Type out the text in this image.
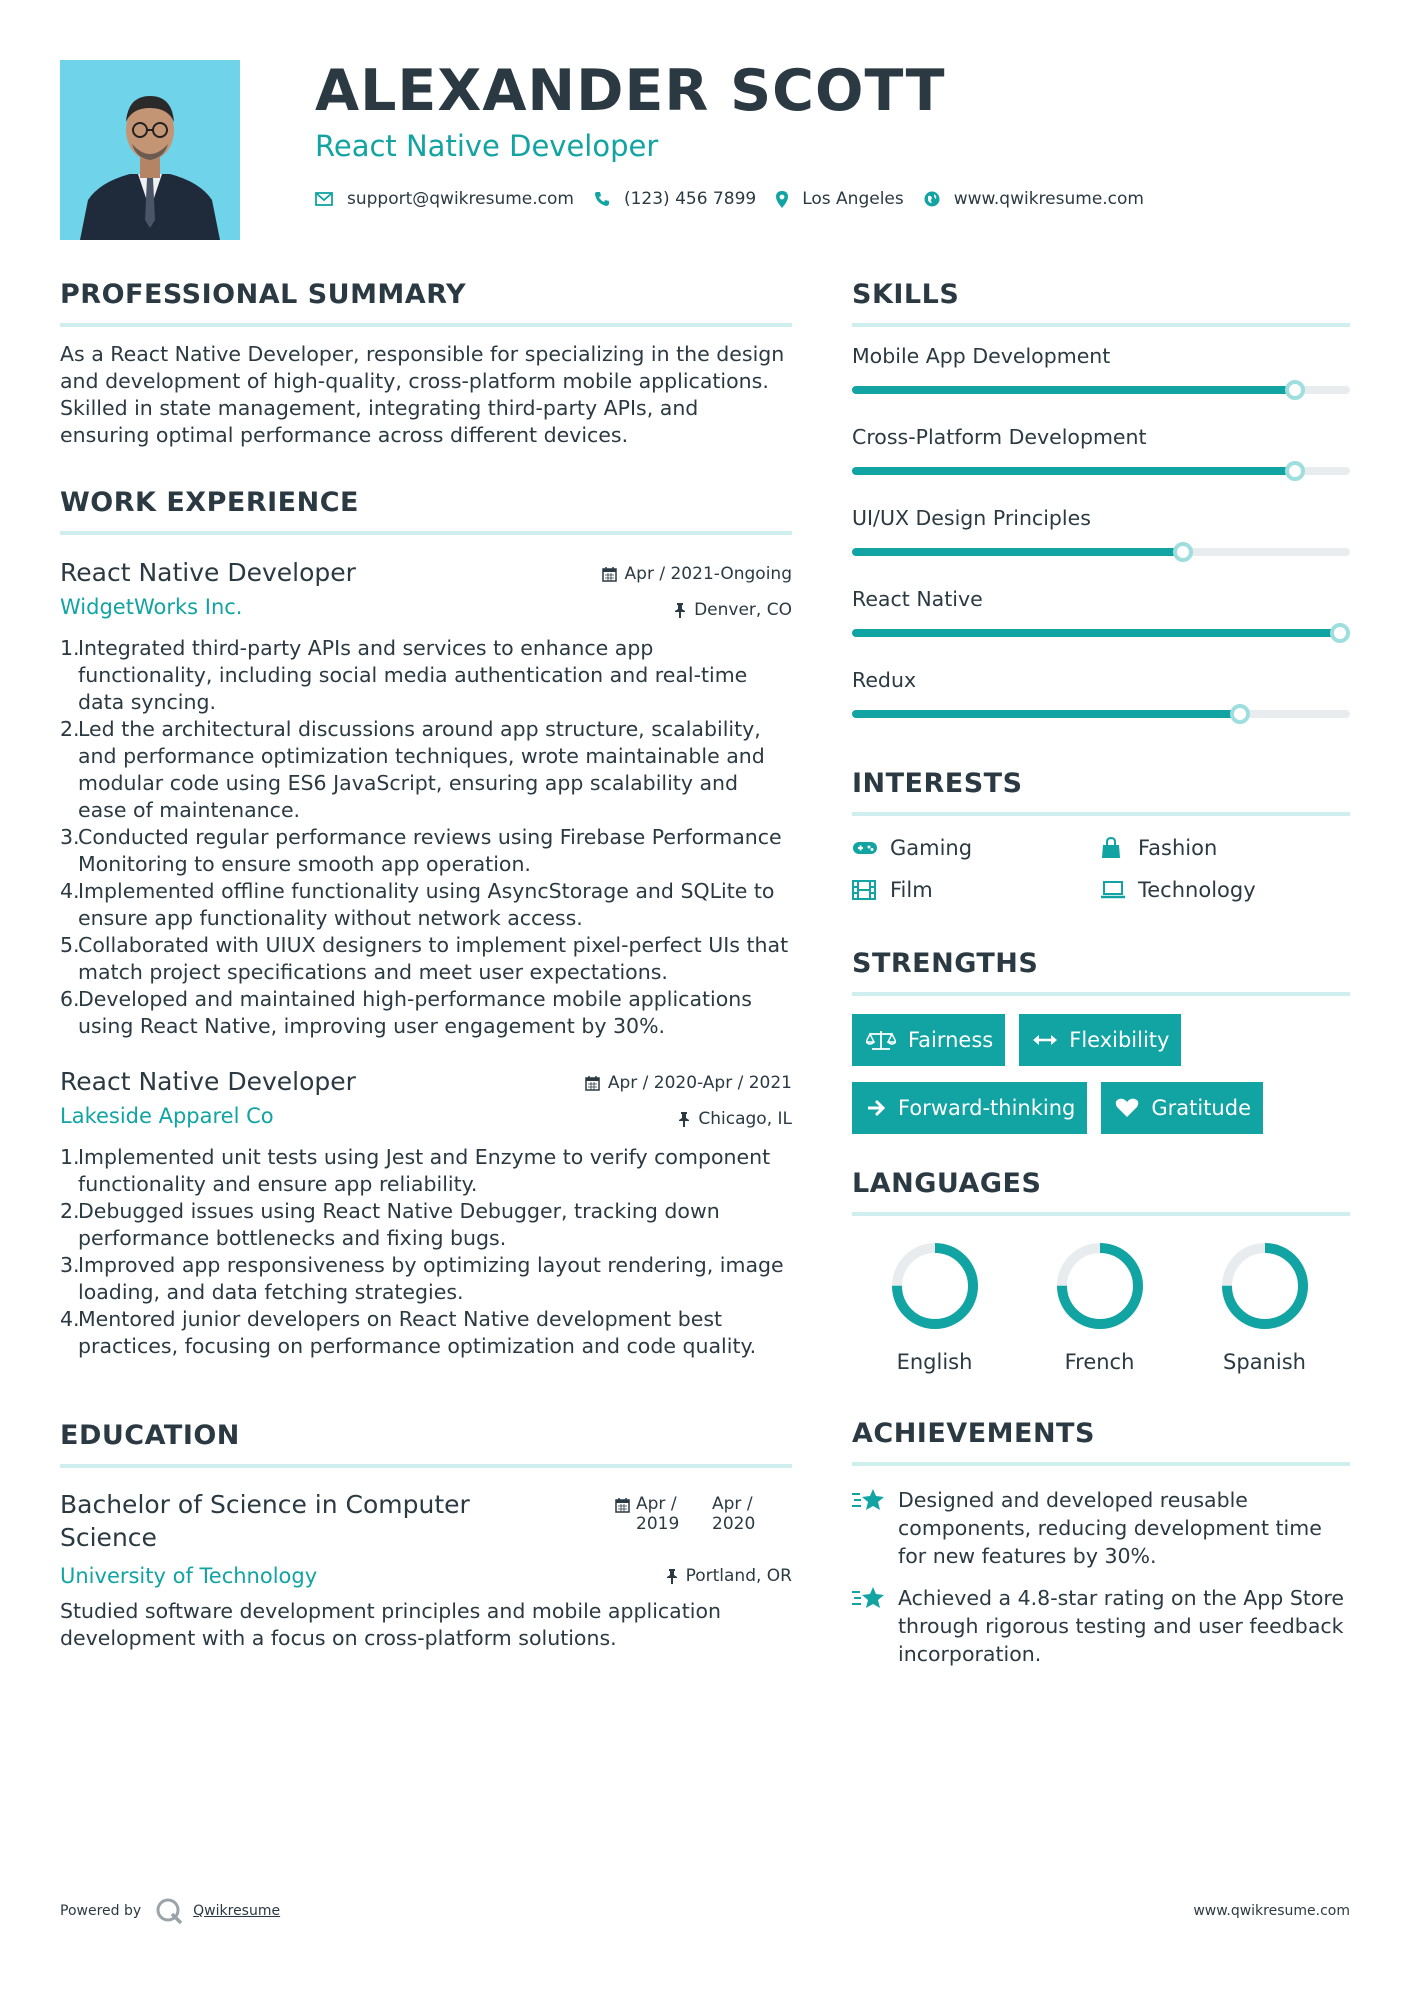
ALEXANDER SCOTT
React Native Developer
support@qwikresume.com	(123) 456 7899	Los Angeles	www.qwikresume.com
PROFESSIONAL SUMMARY
As a React Native Developer, responsible for specializing in the design and development of high-quality, cross-platform mobile applications. Skilled in state management, integrating third-party APIs, and ensuring optimal performance across different devices.
WORK EXPERIENCE
React Native Developer
WidgetWorks Inc.
Apr / 2021-Ongoing
Denver, CO
1.
Integrated third-party APIs and services to enhance app functionality, including social media authentication and real-time data syncing.
2.
Led the architectural discussions around app structure, scalability, and performance optimization techniques, wrote maintainable and modular code using ES6 JavaScript, ensuring app scalability and ease of maintenance.
3.
Conducted regular performance reviews using Firebase Performance Monitoring to ensure smooth app operation.
4.
Implemented offline functionality using AsyncStorage and SQLite to ensure app functionality without network access.
5.
Collaborated with UIUX designers to implement pixel-perfect UIs that match project specifications and meet user expectations.
6.
Developed and maintained high-performance mobile applications using React Native, improving user engagement by 30%.
React Native Developer
Lakeside Apparel Co
Apr / 2020-Apr / 2021
Chicago, IL
1.
Implemented unit tests using Jest and Enzyme to verify component functionality and ensure app reliability.
2.
Debugged issues using React Native Debugger, tracking down performance bottlenecks and fixing bugs.
3.
Improved app responsiveness by optimizing layout rendering, image loading, and data fetching strategies.
4.
Mentored junior developers on React Native development best practices, focusing on performance optimization and code quality.
EDUCATION
Bachelor of Science in Computer Science
Apr / 2019
Apr / 2020
University of Technology	Portland, OR
Studied software development principles and mobile application development with a focus on cross-platform solutions.
SKILLS
Mobile App Development
Cross-Platform Development
UI/UX Design Principles
React Native
Redux
INTERESTS
Gaming	Fashion
Film	Technology
STRENGTHS
Fairness	Flexibility
Forward-thinking	Gratitude
LANGUAGES
English	French	Spanish
ACHIEVEMENTS
Designed and developed reusable components, reducing development time for new features by 30%.
Achieved a 4.8-star rating on the App Store through rigorous testing and user feedback incorporation.
Powered by	Qwikresume	www.qwikresume.com
